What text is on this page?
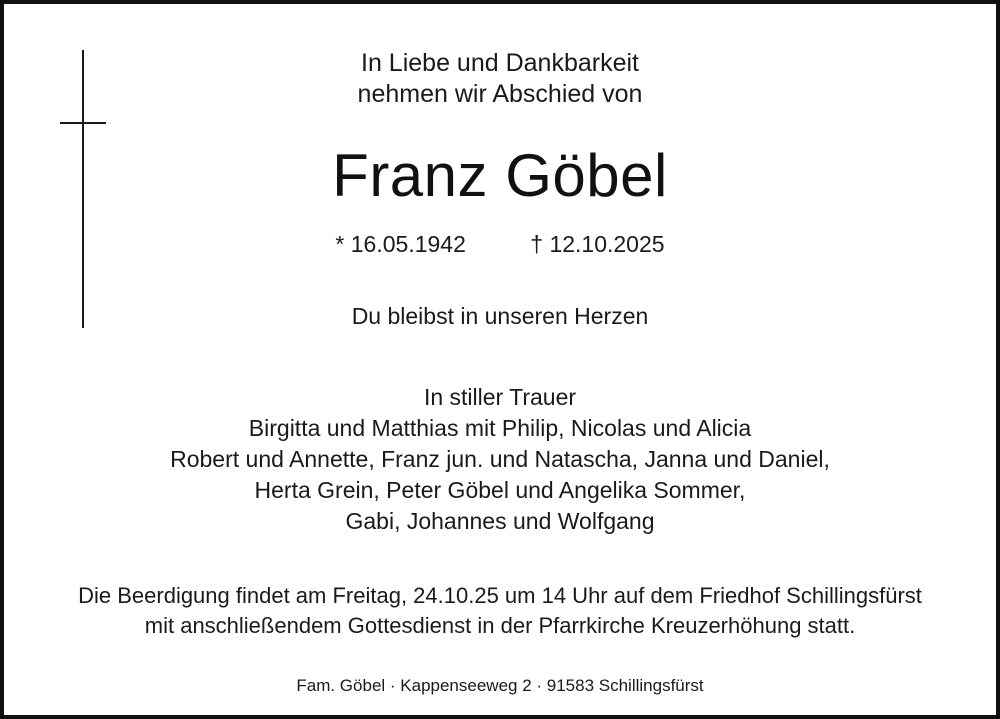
In Liebe und Dankbarkeit
nehmen wir Abschied von
Franz Göbel
* 16.05.1942	† 12.10.2025
Du bleibst in unseren Herzen
In stiller Trauer
Birgitta und Matthias mit Philip, Nicolas und Alicia
Robert und Annette, Franz jun. und Natascha, Janna und Daniel,
Herta Grein, Peter Göbel und Angelika Sommer,
Gabi, Johannes und Wolfgang
Die Beerdigung findet am Freitag, 24.10.25 um 14 Uhr auf dem Friedhof Schillingsfürst
mit anschließendem Gottesdienst in der Pfarrkirche Kreuzerhöhung statt.
Fam. Göbel · Kappenseeweg 2 · 91583 Schillingsfürst
